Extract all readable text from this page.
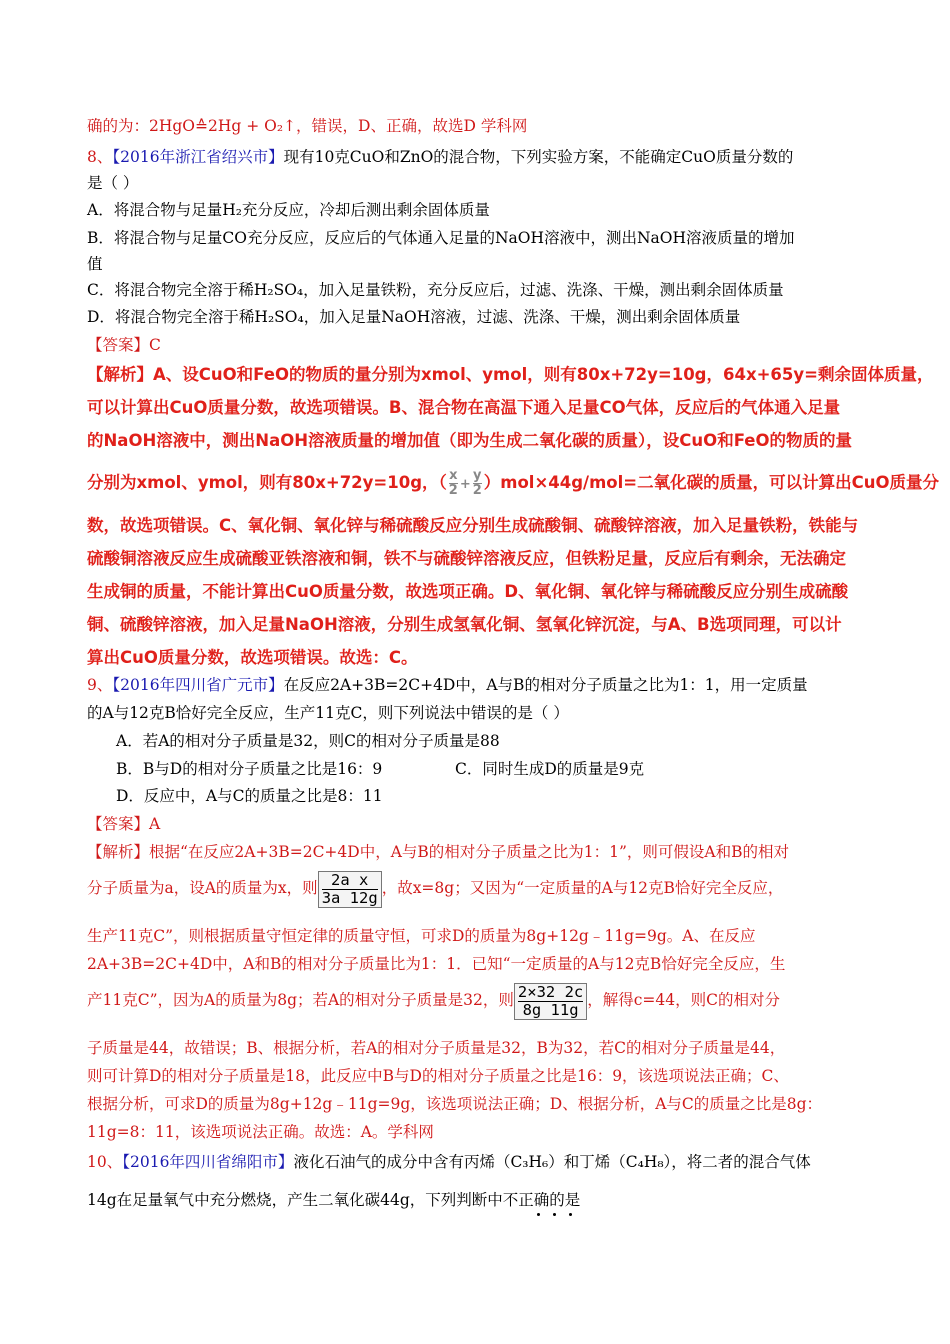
确的为：2HgO≙2Hg + O₂↑，错误，D、正确，故选D 学科网
8、【2016年浙江省绍兴市】现有10克CuO和ZnO的混合物，下列实验方案，不能确定CuO质量分数的
是（ ）
A．将混合物与足量H₂充分反应，冷却后测出剩余固体质量
B．将混合物与足量CO充分反应，反应后的气体通入足量的NaOH溶液中，测出NaOH溶液质量的增加
值
C．将混合物完全溶于稀H₂SO₄，加入足量铁粉，充分反应后，过滤、洗涤、干燥，测出剩余固体质量
D．将混合物完全溶于稀H₂SO₄，加入足量NaOH溶液，过滤、洗涤、干燥，测出剩余固体质量
【答案】C
【解析】A、设CuO和FeO的物质的量分别为xmol、ymol，则有80x+72y=10g，64x+65y=剩余固体质量，
可以计算出CuO质量分数，故选项错误。B、混合物在高温下通入足量CO气体，反应后的气体通入足量
的NaOH溶液中，测出NaOH溶液质量的增加值（即为生成二氧化碳的质量），设CuO和FeO的物质的量
分别为xmol、ymol，则有80x+72y=10g，（ $\frac{x}{2} + \frac{y}{2} )mol\times 44g/mol=$二氧化碳的质量，可以计算出CuO质量分
数，故选项错误。C、氧化铜、氧化锌与稀硫酸反应分别生成硫酸铜、硫酸锌溶液，加入足量铁粉，铁能与
硫酸铜溶液反应生成硫酸亚铁溶液和铜，铁不与硫酸锌溶液反应，但铁粉足量，反应后有剩余，无法确定
生成铜的质量，不能计算出CuO质量分数，故选项正确。D、氧化铜、氧化锌与稀硫酸反应分别生成硫酸
铜、硫酸锌溶液，加入足量NaOH溶液，分别生成氢氧化铜、氢氧化锌沉淀，与A、B选项同理，可以计
算出CuO质量分数，故选项错误。故选：C。
9、【2016年四川省广元市】在反应2A+3B=2C+4D中，A与B的相对分子质量之比为1：1，用一定质量
的A与12克B恰好完全反应，生产11克C，则下列说法中错误的是（ ）
A．若A的相对分子质量是32，则C的相对分子质量是88
B．B与D的相对分子质量之比是16：9	C．同时生成D的质量是9克
D．反应中，A与C的质量之比是8：11
【答案】A
【解析】根据“在反应2A+3B=2C+4D中，A与B的相对分子质量之比为1：1”，则可假设A和B的相对
分子质量为a，设A的质量为x，则 $\frac{\text{2a x}}{3a 12g}$ ，故x=8g；又因为“一定质量的A与12克B恰好完全反应，
生产11克C”，则根据质量守恒定律的质量守恒，可求D的质量为8g+12g﹣11g=9g。A、在反应
2A+3B=2C+4D中，A和B的相对分子质量比为1：1．已知“一定质量的A与12克B恰好完全反应，生
产11克C”，因为A的质量为8g；若A的相对分子质量是32，则 $\frac{2\times 32 2c}{8g 11g}$ ，解得c=44，则C的相对分
子质量是44，故错误；B、根据分析，若A的相对分子质量是32，B为32，若C的相对分子质量是44，
则可计算D的相对分子质量是18，此反应中B与D的相对分子质量之比是16：9，该选项说法正确；C、
根据分析，可求D的质量为8g+12g﹣11g=9g，该选项说法正确；D、根据分析，A与C的质量之比是8g：
11g=8：11，该选项说法正确。故选：A。学科网
10、【2016年四川省绵阳市】液化石油气的成分中含有丙烯（C₃H₆）和丁烯（C₄H₈），将二者的混合气体
14g在足量氧气中充分燃烧，产生二氧化碳44g，下列判断中不正确的是
